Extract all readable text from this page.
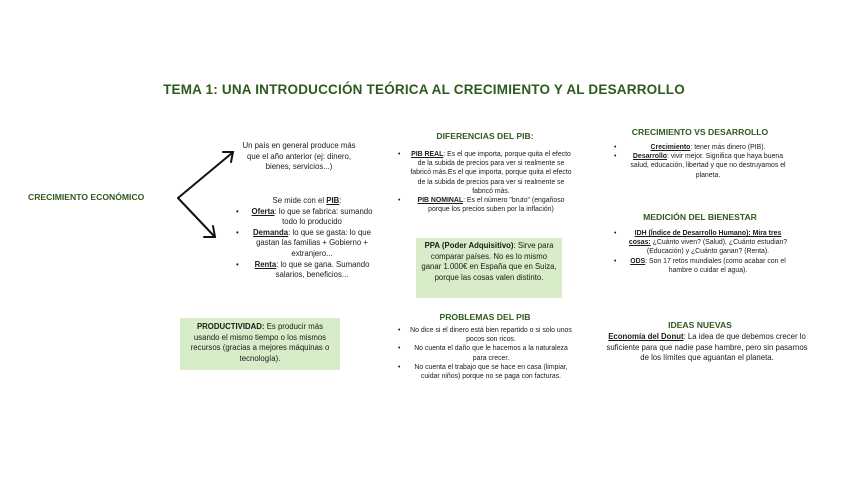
TEMA 1: UNA INTRODUCCIÓN TEÓRICA AL CRECIMIENTO Y AL DESARROLLO
CRECIMIENTO ECONÓMICO
Un país en general produce más que el año anterior (ej: dinero, bienes, servicios...)
Se mide con el PIB:
• Oferta: lo que se fabrica: sumando todo lo producido
• Demanda: lo que se gasta: lo que gastan las familias + Gobierno + extranjero...
• Renta: lo que se gana. Sumando salarios, beneficios...
PRODUCTIVIDAD: Es producir más usando el mismo tiempo o los mismos recursos (gracias a mejores máquinas o tecnología).
DIFERENCIAS DEL PIB:
• PIB REAL: Es el que importa, porque quita el efecto de la subida de precios para ver si realmente se fabricó más.Es el que importa, porque quita el efecto de la subida de precios para ver si realmente se fabricó más.
• PIB NOMINAL: Es el número "bruto" (engañoso porque los precios suben por la inflación)
PPA (Poder Adquisitivo): Sirve para comparar países. No es lo mismo ganar 1.000€ en España que en Suiza, porque las cosas valen distinto.
PROBLEMAS DEL PIB
• No dice si el dinero está bien repartido o si solo unos pocos son ricos.
• No cuenta el daño que le hacemos a la naturaleza para crecer.
• No cuenta el trabajo que se hace en casa (limpiar, cuidar niños) porque no se paga con facturas.
CRECIMIENTO VS DESARROLLO
• Crecimiento: tener más dinero (PIB).
• Desarrollo: vivir mejor. Significa que haya buena salud, educación, libertad y que no destruyamos el planeta.
MEDICIÓN DEL BIENESTAR
• IDH (Índice de Desarrollo Humano): Mira tres cosas: ¿Cuánto viven? (Salud), ¿Cuánto estudian? (Educación) y ¿Cuánto ganan? (Renta).
• ODS: Son 17 retos mundiales (como acabar con el hambre o cuidar el agua).
IDEAS NUEVAS
Economía del Donut: La idea de que debemos crecer lo suficiente para que nadie pase hambre, pero sin pasarnos de los límites que aguantan el planeta.
